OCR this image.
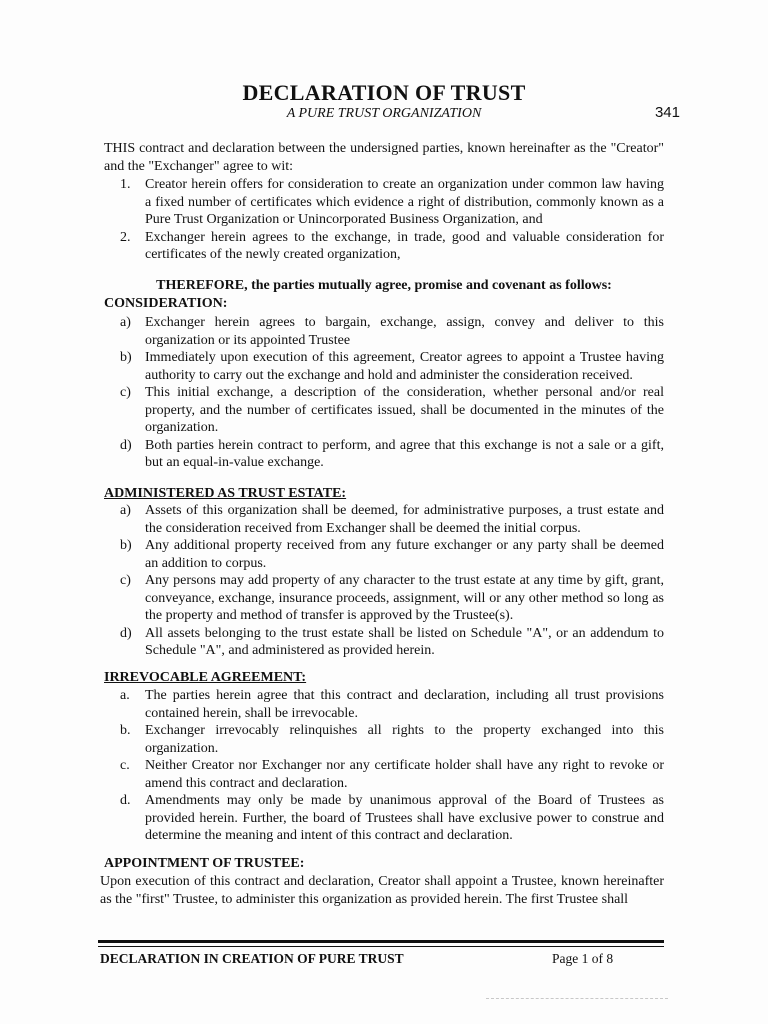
DECLARATION OF TRUST
A PURE TRUST ORGANIZATION	341
THIS contract and declaration between the undersigned parties, known hereinafter as the "Creator" and the "Exchanger" agree to wit:
1. Creator herein offers for consideration to create an organization under common law having a fixed number of certificates which evidence a right of distribution, commonly known as a Pure Trust Organization or Unincorporated Business Organization, and
2. Exchanger herein agrees to the exchange, in trade, good and valuable consideration for certificates of the newly created organization,
THEREFORE, the parties mutually agree, promise and covenant as follows:
CONSIDERATION:
a) Exchanger herein agrees to bargain, exchange, assign, convey and deliver to this organization or its appointed Trustee
b) Immediately upon execution of this agreement, Creator agrees to appoint a Trustee having authority to carry out the exchange and hold and administer the consideration received.
c) This initial exchange, a description of the consideration, whether personal and/or real property, and the number of certificates issued, shall be documented in the minutes of the organization.
d) Both parties herein contract to perform, and agree that this exchange is not a sale or a gift, but an equal-in-value exchange.
ADMINISTERED AS TRUST ESTATE:
a) Assets of this organization shall be deemed, for administrative purposes, a trust estate and the consideration received from Exchanger shall be deemed the initial corpus.
b) Any additional property received from any future exchanger or any party shall be deemed an addition to corpus.
c) Any persons may add property of any character to the trust estate at any time by gift, grant, conveyance, exchange, insurance proceeds, assignment, will or any other method so long as the property and method of transfer is approved by the Trustee(s).
d) All assets belonging to the trust estate shall be listed on Schedule "A", or an addendum to Schedule "A", and administered as provided herein.
IRREVOCABLE AGREEMENT:
a. The parties herein agree that this contract and declaration, including all trust provisions contained herein, shall be irrevocable.
b. Exchanger irrevocably relinquishes all rights to the property exchanged into this organization.
c. Neither Creator nor Exchanger nor any certificate holder shall have any right to revoke or amend this contract and declaration.
d. Amendments may only be made by unanimous approval of the Board of Trustees as provided herein. Further, the board of Trustees shall have exclusive power to construe and determine the meaning and intent of this contract and declaration.
APPOINTMENT OF TRUSTEE:
Upon execution of this contract and declaration, Creator shall appoint a Trustee, known hereinafter as the "first" Trustee, to administer this organization as provided herein. The first Trustee shall
DECLARATION IN CREATION OF PURE TRUST	Page 1 of 8
